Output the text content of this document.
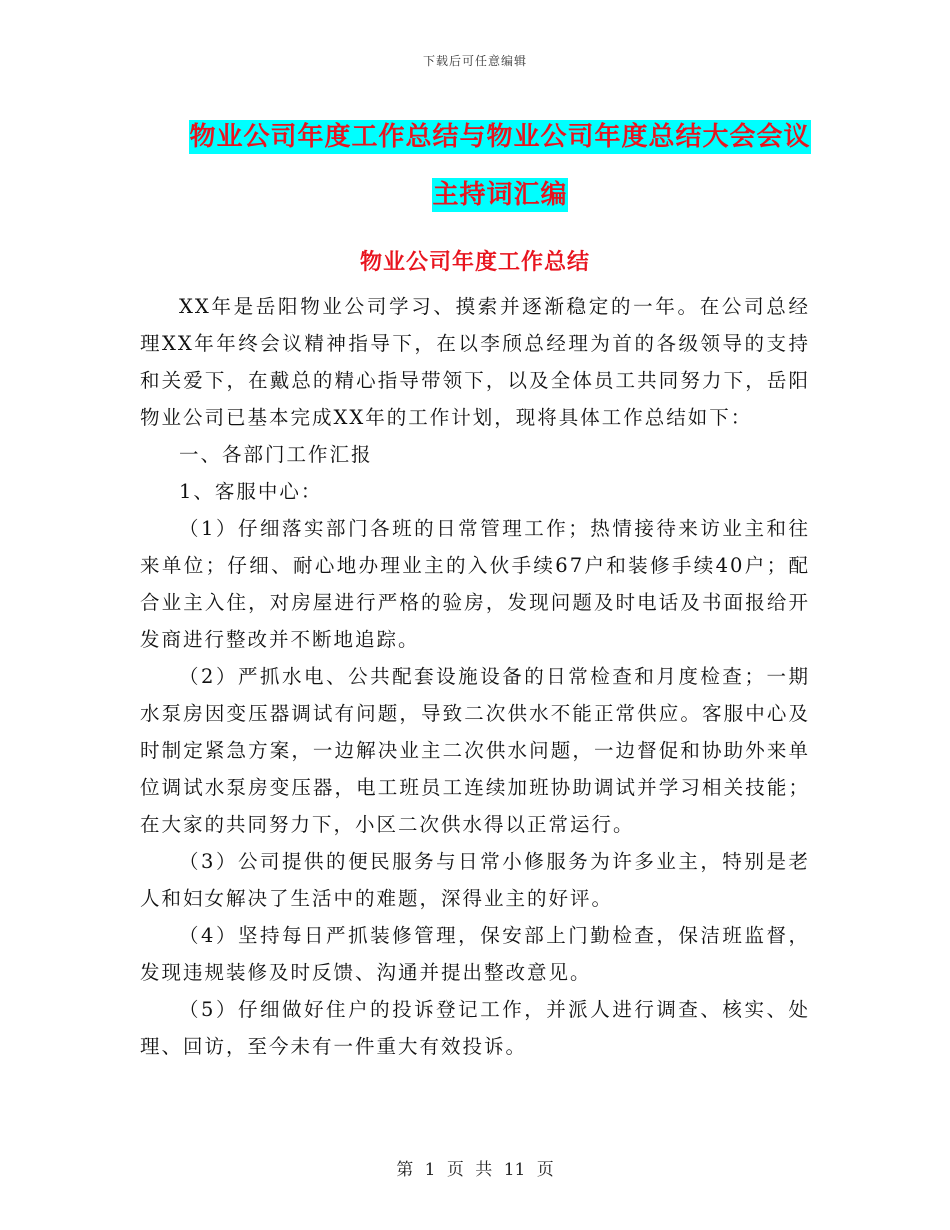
下载后可任意编辑
物业公司年度工作总结与物业公司年度总结大会会议
主持词汇编
物业公司年度工作总结

XX年是岳阳物业公司学习、摸索并逐渐稳定的一年。在公司总经理XX年年终会议精神指导下，在以李颀总经理为首的各级领导的支持和关爱下，在戴总的精心指导带领下，以及全体员工共同努力下，岳阳物业公司已基本完成XX年的工作计划，现将具体工作总结如下：

一、各部门工作汇报

1、客服中心：

（1）仔细落实部门各班的日常管理工作；热情接待来访业主和往来单位；仔细、耐心地办理业主的入伙手续67户和装修手续40户；配合业主入住，对房屋进行严格的验房，发现问题及时电话及书面报给开发商进行整改并不断地追踪。

（2）严抓水电、公共配套设施设备的日常检查和月度检查；一期水泵房因变压器调试有问题，导致二次供水不能正常供应。客服中心及时制定紧急方案，一边解决业主二次供水问题，一边督促和协助外来单位调试水泵房变压器，电工班员工连续加班协助调试并学习相关技能；在大家的共同努力下，小区二次供水得以正常运行。

（3）公司提供的便民服务与日常小修服务为许多业主，特别是老人和妇女解决了生活中的难题，深得业主的好评。

（4）坚持每日严抓装修管理，保安部上门勤检查，保洁班监督，发现违规装修及时反馈、沟通并提出整改意见。

（5）仔细做好住户的投诉登记工作，并派人进行调查、核实、处理、回访，至今未有一件重大有效投诉。

第 1 页 共 11 页
